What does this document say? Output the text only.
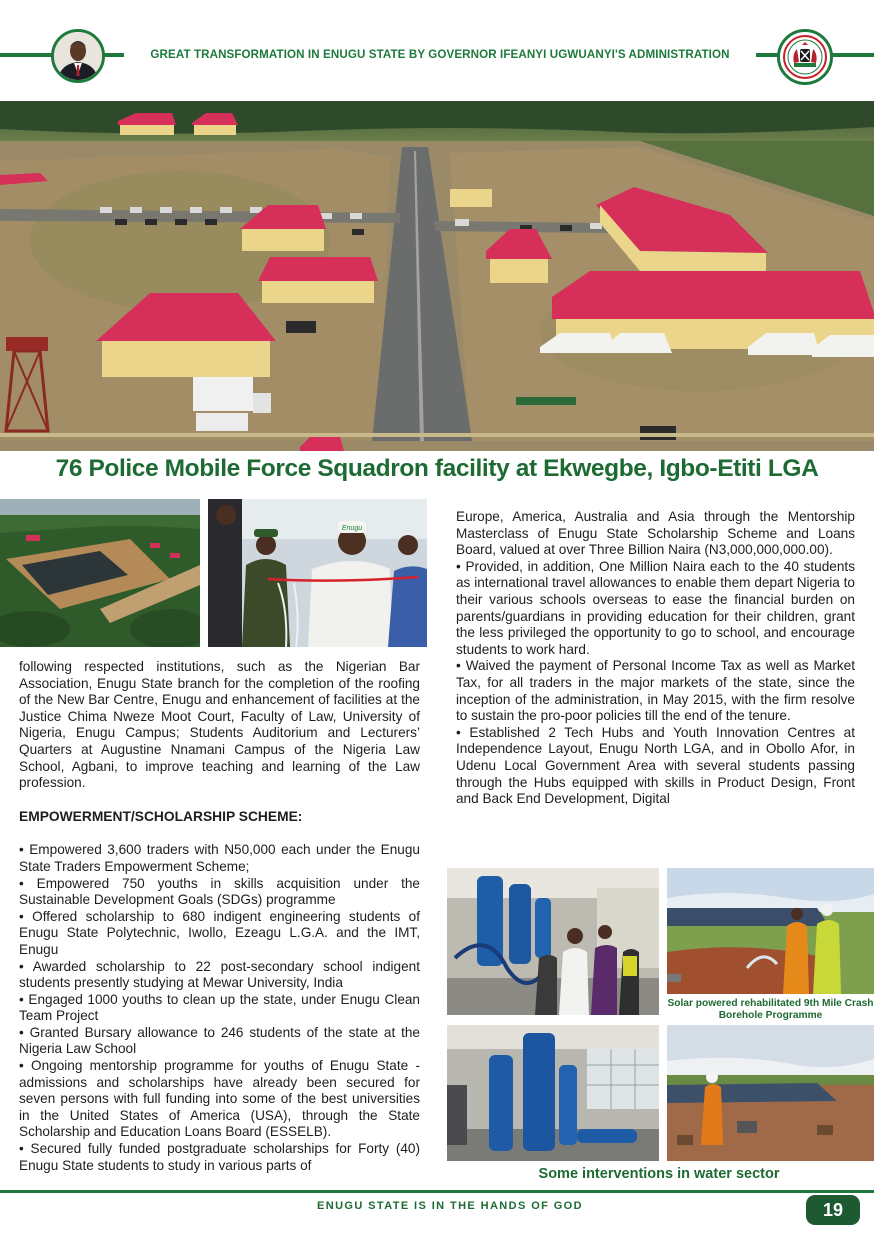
GREAT TRANSFORMATION IN ENUGU STATE BY GOVERNOR IFEANYI UGWUANYI'S ADMINISTRATION
76 Police Mobile Force Squadron facility at Ekwegbe, Igbo-Etiti LGA
Enugu

following respected institutions, such as the Nigerian Bar Association, Enugu State branch for the completion of the roofing of the New Bar Centre, Enugu and enhancement of facilities at the Justice Chima Nweze Moot Court, Faculty of Law, University of Nigeria, Enugu Campus; Students Auditorium and Lecturers’ Quarters at Augustine Nnamani Campus of the Nigeria Law School, Agbani, to improve teaching and learning of the Law profession.

EMPOWERMENT/SCHOLARSHIP SCHEME:

• Empowered 3,600 traders with N50,000 each under the Enugu State Traders Empowerment Scheme;

• Empowered 750 youths in skills acquisition under the Sustainable Development Goals (SDGs) programme

• Offered scholarship to 680 indigent engineering students of Enugu State Polytechnic, Iwollo, Ezeagu L.G.A. and the IMT, Enugu

• Awarded scholarship to 22 post-secondary school indigent students presently studying at Mewar University, India

• Engaged 1000 youths to clean up the state, under Enugu Clean Team Project

• Granted Bursary allowance to 246 students of the state at the Nigeria Law School

• Ongoing mentorship programme for youths of Enugu State - admissions and scholarships have already been secured for seven persons with full funding into some of the best universities in the United States of America (USA), through the State Scholarship and Education Loans Board (ESSELB).

• Secured fully funded postgraduate scholarships for Forty (40) Enugu State students to study in various parts of

Europe, America, Australia and Asia through the Mentorship Masterclass of Enugu State Scholarship Scheme and Loans Board, valued at over Three Billion Naira (N3,000,000,000.00).

• Provided, in addition, One Million Naira each to the 40 students as international travel allowances to enable them depart Nigeria to their various schools overseas to ease the financial burden on parents/guardians in providing education for their children, grant the less privileged the opportunity to go to school, and encourage students to work hard.

• Waived the payment of Personal Income Tax as well as Market Tax, for all traders in the major markets of the state, since the inception of the administration, in May 2015, with the firm resolve to sustain the pro-poor policies till the end of the tenure.

• Established 2 Tech Hubs and Youth Innovation Centres at Independence Layout, Enugu North LGA, and in Obollo Afor, in Udenu Local Government Area with several students passing through the Hubs equipped with skills in Product Design, Front and Back End Development, Digital

Solar powered rehabilitated 9th Mile Crash Borehole Programme
Some interventions in water sector
ENUGU STATE IS IN THE HANDS OF GOD	19
